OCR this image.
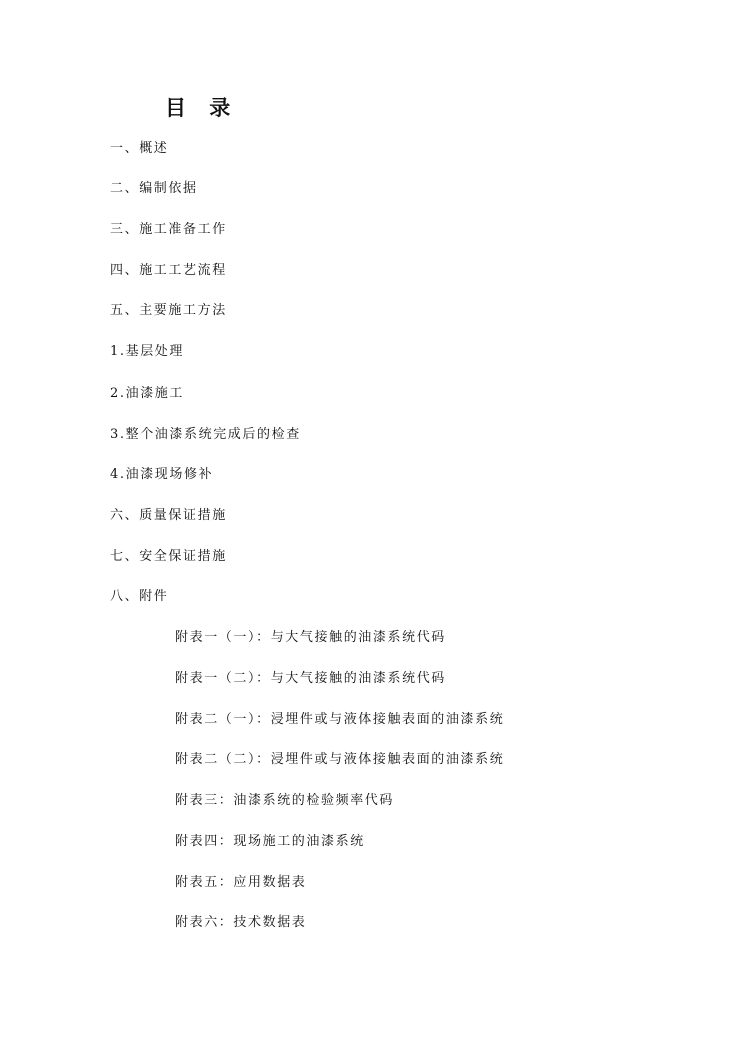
目 录
一、概述
二、编制依据
三、施工准备工作
四、施工工艺流程
五、主要施工方法
1.基层处理
2.油漆施工
3.整个油漆系统完成后的检查
4.油漆现场修补
六、质量保证措施
七、安全保证措施
八、附件
附表一（一）：与大气接触的油漆系统代码
附表一（二）：与大气接触的油漆系统代码
附表二（一）：浸埋件或与液体接触表面的油漆系统
附表二（二）：浸埋件或与液体接触表面的油漆系统
附表三：油漆系统的检验频率代码
附表四：现场施工的油漆系统
附表五：应用数据表
附表六：技术数据表
